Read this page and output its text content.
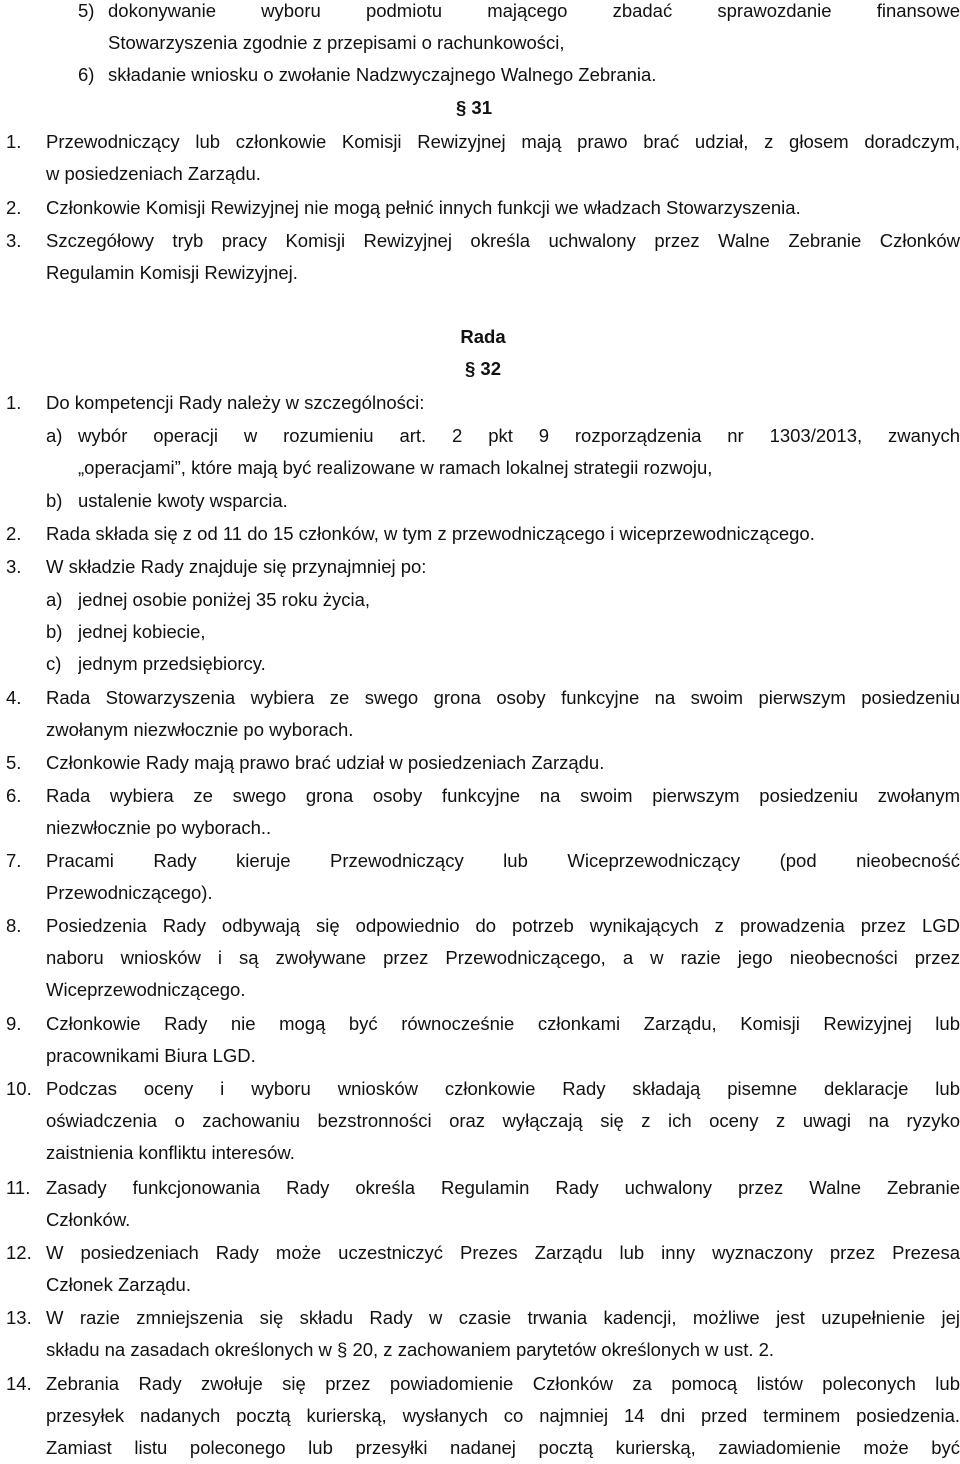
5) dokonywanie wyboru podmiotu mającego zbadać sprawozdanie finansowe
Stowarzyszenia zgodnie z przepisami o rachunkowości,
6) składanie wniosku o zwołanie Nadzwyczajnego Walnego Zebrania.
§ 31
1. Przewodniczący lub członkowie Komisji Rewizyjnej mają prawo brać udział, z głosem doradczym,
w posiedzeniach Zarządu.
2. Członkowie Komisji Rewizyjnej nie mogą pełnić innych funkcji we władzach Stowarzyszenia.
3. Szczegółowy tryb pracy Komisji Rewizyjnej określa uchwalony przez Walne Zebranie Członków
Regulamin Komisji Rewizyjnej.
Rada
§ 32
1. Do kompetencji Rady należy w szczególności:
a) wybór operacji w rozumieniu art. 2 pkt 9 rozporządzenia nr 1303/2013, zwanych
„operacjami”, które mają być realizowane w ramach lokalnej strategii rozwoju,
b) ustalenie kwoty wsparcia.
2. Rada składa się z od 11 do 15 członków, w tym z przewodniczącego i wiceprzewodniczącego.
3. W składzie Rady znajduje się przynajmniej po:
a) jednej osobie poniżej 35 roku życia,
b) jednej kobiecie,
c) jednym przedsiębiorcy.
4. Rada Stowarzyszenia wybiera ze swego grona osoby funkcyjne na swoim pierwszym posiedzeniu
zwołanym niezwłocznie po wyborach.
5. Członkowie Rady mają prawo brać udział w posiedzeniach Zarządu.
6. Rada wybiera ze swego grona osoby funkcyjne na swoim pierwszym posiedzeniu zwołanym
niezwłocznie po wyborach..
7. Pracami Rady kieruje Przewodniczący lub Wiceprzewodniczący (pod nieobecność
Przewodniczącego).
8. Posiedzenia Rady odbywają się odpowiednio do potrzeb wynikających z prowadzenia przez LGD
naboru wniosków i są zwoływane przez Przewodniczącego, a w razie jego nieobecności przez
Wiceprzewodniczącego.
9. Członkowie Rady nie mogą być równocześnie członkami Zarządu, Komisji Rewizyjnej lub
pracownikami Biura LGD.
10. Podczas oceny i wyboru wniosków członkowie Rady składają pisemne deklaracje lub
oświadczenia o zachowaniu bezstronności oraz wyłączają się z ich oceny z uwagi na ryzyko
zaistnienia konfliktu interesów.
11. Zasady funkcjonowania Rady określa Regulamin Rady uchwalony przez Walne Zebranie
Członków.
12. W posiedzeniach Rady może uczestniczyć Prezes Zarządu lub inny wyznaczony przez Prezesa
Członek Zarządu.
13. W razie zmniejszenia się składu Rady w czasie trwania kadencji, możliwe jest uzupełnienie jej
składu na zasadach określonych w § 20, z zachowaniem parytetów określonych w ust. 2.
14. Zebrania Rady zwołuje się przez powiadomienie Członków za pomocą listów poleconych lub
przesyłek nadanych pocztą kurierską, wysłanych co najmniej 14 dni przed terminem posiedzenia.
Zamiast listu poleconego lub przesyłki nadanej pocztą kurierską, zawiadomienie może być
